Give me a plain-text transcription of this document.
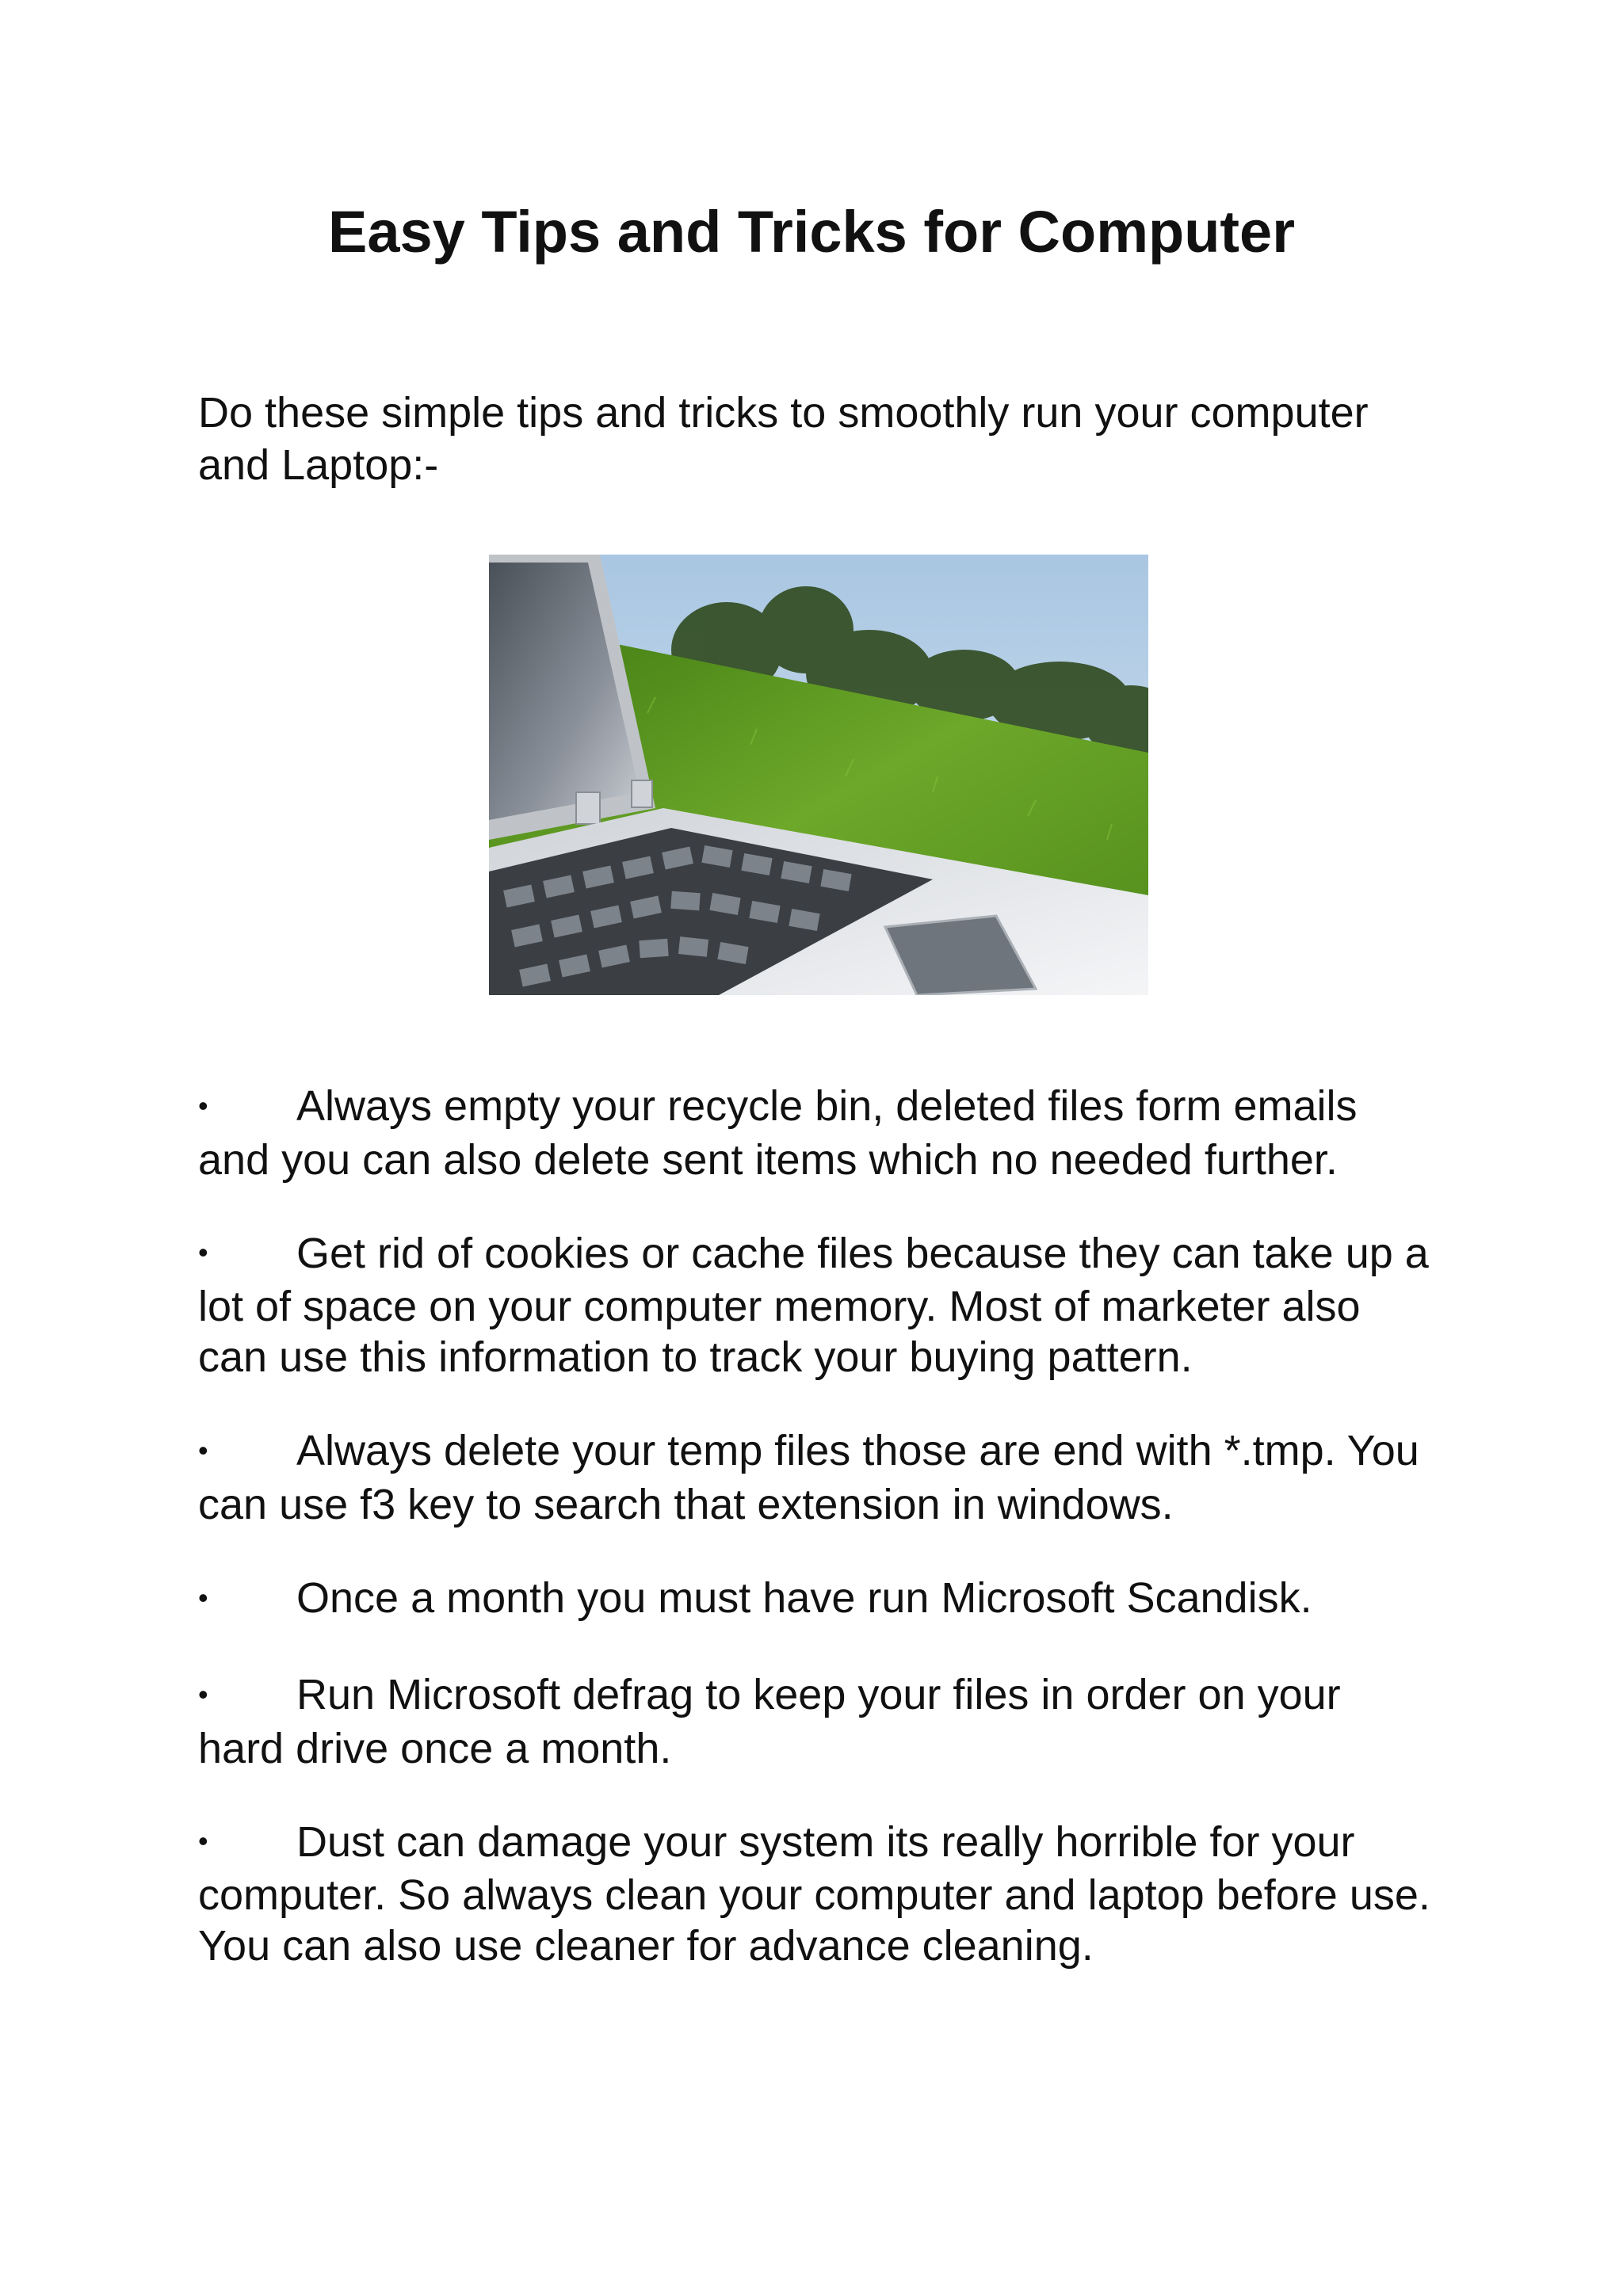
Easy Tips and Tricks for Computer

Do these simple tips and tricks to smoothly run your computer and Laptop:-

• Always empty your recycle bin, deleted files form emails and you can also delete sent items which no needed further.
• Get rid of cookies or cache files because they can take up a lot of space on your computer memory. Most of marketer also can use this information to track your buying pattern.
• Always delete your temp files those are end with *.tmp. You can use f3 key to search that extension in windows.
• Once a month you must have run Microsoft Scandisk.
• Run Microsoft defrag to keep your files in order on your hard drive once a month.
• Dust can damage your system its really horrible for your computer. So always clean your computer and laptop before use. You can also use cleaner for advance cleaning.
